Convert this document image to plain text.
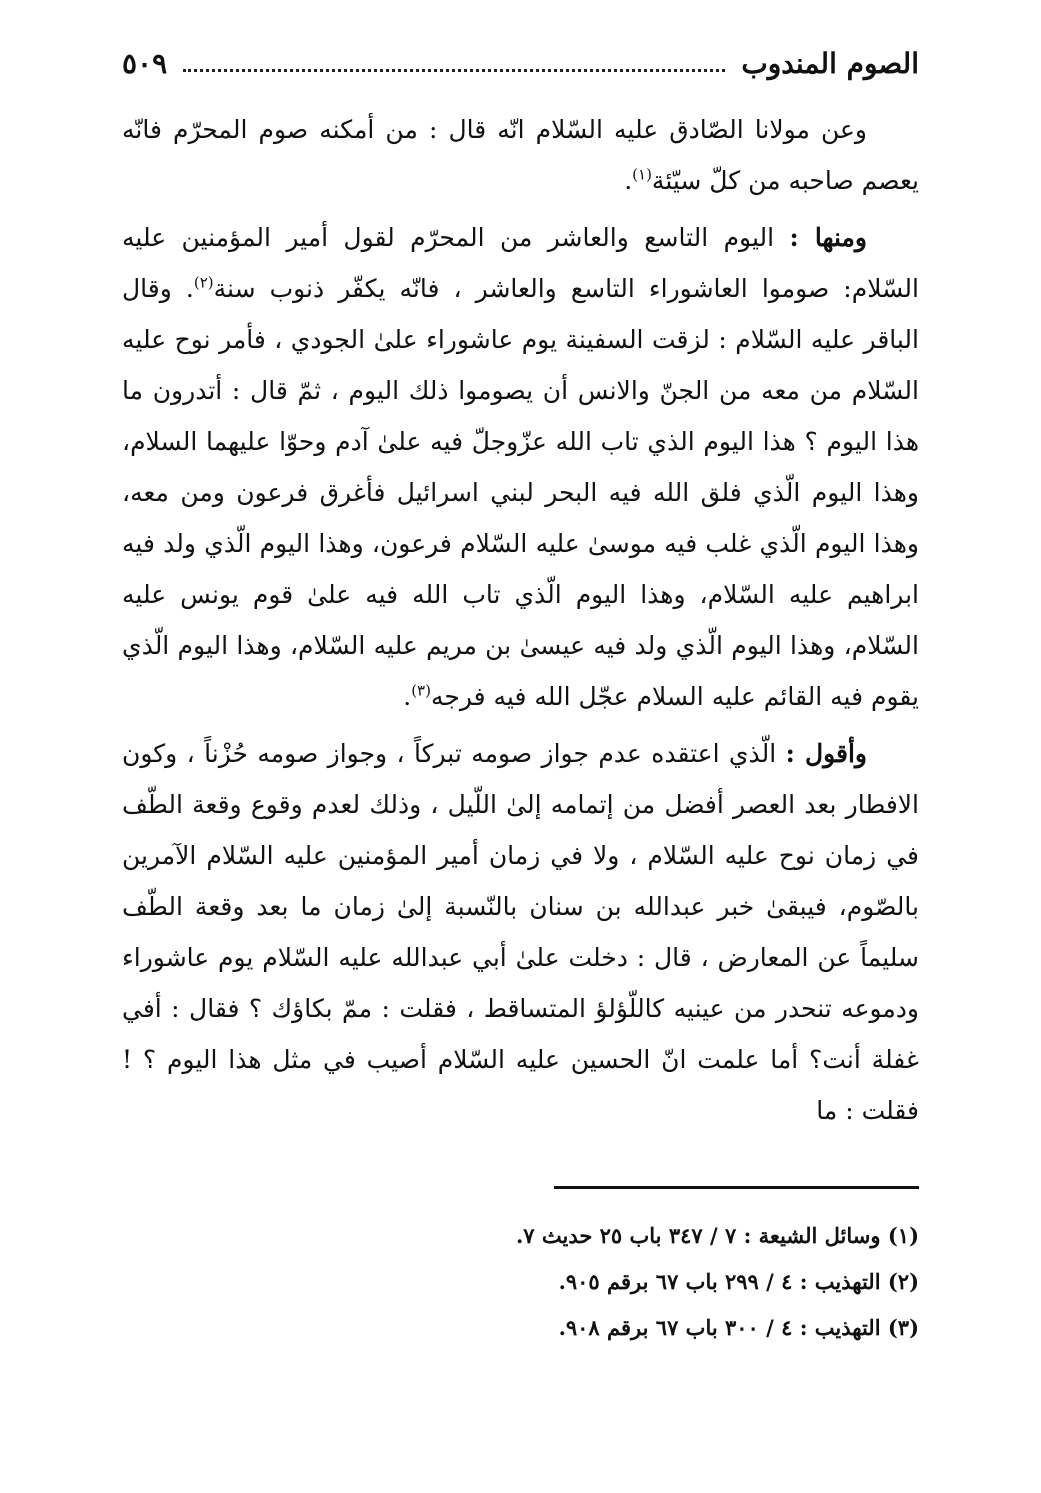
الصوم المندوب
٥٠٩

وعن مولانا الصّادق عليه السّلام انّه قال : من أمكنه صوم المحرّم فانّه يعصم صاحبه من كلّ سيّئة$^{(١)}$.

ومنها : اليوم التاسع والعاشر من المحرّم لقول أمير المؤمنين عليه السّلام: صوموا العاشوراء التاسع والعاشر ، فانّه يكفّر ذنوب سنة$^{(٢)}$. وقال الباقر عليه السّلام : لزقت السفينة يوم عاشوراء علىٰ الجودي ، فأمر نوح عليه السّلام من معه من الجنّ والانس أن يصوموا ذلك اليوم ، ثمّ قال : أتدرون ما هذا اليوم ؟ هذا اليوم الذي تاب الله عزّوجلّ فيه علىٰ آدم وحوّا عليهما السلام، وهذا اليوم الّذي فلق الله فيه البحر لبني اسرائيل فأغرق فرعون ومن معه، وهذا اليوم الّذي غلب فيه موسىٰ عليه السّلام فرعون، وهذا اليوم الّذي ولد فيه ابراهيم عليه السّلام، وهذا اليوم الّذي تاب الله فيه علىٰ قوم يونس عليه السّلام، وهذا اليوم الّذي ولد فيه عيسىٰ بن مريم عليه السّلام، وهذا اليوم الّذي يقوم فيه القائم عليه السلام عجّل الله فيه فرجه$^{(٣)}$.

وأقول : الّذي اعتقده عدم جواز صومه تبركاً ، وجواز صومه حُزْناً ، وكون الافطار بعد العصر أفضل من إتمامه إلىٰ اللّيل ، وذلك لعدم وقوع وقعة الطّف في زمان نوح عليه السّلام ، ولا في زمان أمير المؤمنين عليه السّلام الآمرين بالصّوم، فيبقىٰ خبر عبدالله بن سنان بالنّسبة إلىٰ زمان ما بعد وقعة الطّف سليماً عن المعارض ، قال : دخلت علىٰ أبي عبدالله عليه السّلام يوم عاشوراء ودموعه تنحدر من عينيه كاللّؤلؤ المتساقط ، فقلت : ممّ بكاؤك ؟ فقال : أفي غفلة أنت؟ أما علمت انّ الحسين عليه السّلام أصيب في مثل هذا اليوم ؟ ! فقلت : ما

(١) وسائل الشيعة : ٧ / ٣٤٧ باب ٢٥ حديث ٧.
(٢) التهذيب : ٤ / ٢٩٩ باب ٦٧ برقم ٩٠٥.
(٣) التهذيب : ٤ / ٣٠٠ باب ٦٧ برقم ٩٠٨.
